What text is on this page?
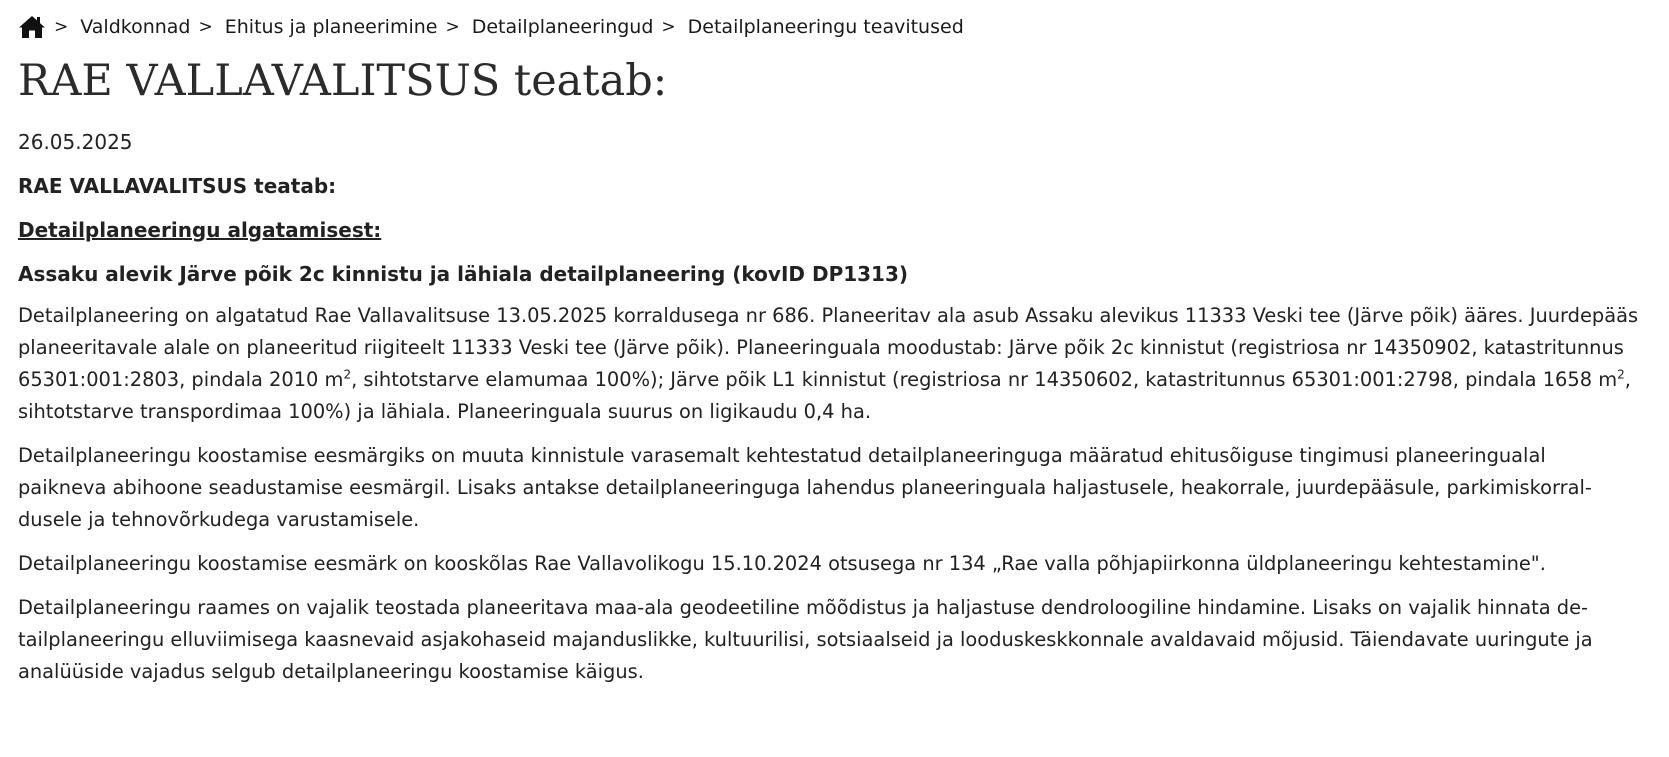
> Valdkonnad > Ehitus ja planeerimine > Detailplaneeringud > Detailplaneeringu teavitused
RAE VALLAVALITSUS teatab:
26.05.2025
RAE VALLAVALITSUS teatab:
Detailplaneeringu algatamisest:
Assaku alevik Järve põik 2c kinnistu ja lähiala detailplaneering (kovID DP1313)

Detailplaneering on algatatud Rae Vallavalitsuse 13.05.2025 korraldusega nr 686. Planeeritav ala asub Assaku alevikus 11333 Veski tee (Järve põik) ääres. Juurdepääs planeeritavale alale on planeeritud riigiteelt 11333 Veski tee (Järve põik). Planeeringuala moodustab: Järve põik 2c kinnistut (registriosa nr 14350902, katastritunnus 65301:001:2803, pindala 2010 $m^2$, sihtotstarve elamumaa 100%); Järve põik L1 kinnistut (registriosa nr 14350602, katastritunnus 65301:001:2798, pindala 1658 $m^2$, sihtotstarve transpordimaa 100%) ja lähiala. Planeeringuala suurus on ligikaudu 0,4 ha.

Detailplaneeringu koostamise eesmärgiks on muuta kinnistule varasemalt kehtestatud detailplaneeringuga määratud ehitusõiguse tingimusi planeeringualal paikneva abihoone seadustamise eesmärgil. Lisaks antakse detailplaneeringuga lahendus planeeringuala haljastusele, heakorrale, juurdepääsule, parkimiskorraldusele ja tehnovõrkudega varustamisele.

Detailplaneeringu koostamise eesmärk on kooskõlas Rae Vallavolikogu 15.10.2024 otsusega nr 134 „Rae valla põhjapiirkonna üldplaneeringu kehtestamine".

Detailplaneeringu raames on vajalik teostada planeeritava maa-ala geodeetiline mõõdistus ja haljastuse dendroloogiline hindamine. Lisaks on vajalik hinnata detailplaneeringu elluviimisega kaasnevaid asjakohaseid majanduslikke, kultuurilisi, sotsiaalseid ja looduskeskkonnale avaldavaid mõjusid. Täiendavate uuringute ja analüüside vajadus selgub detailplaneeringu koostamise käigus.
